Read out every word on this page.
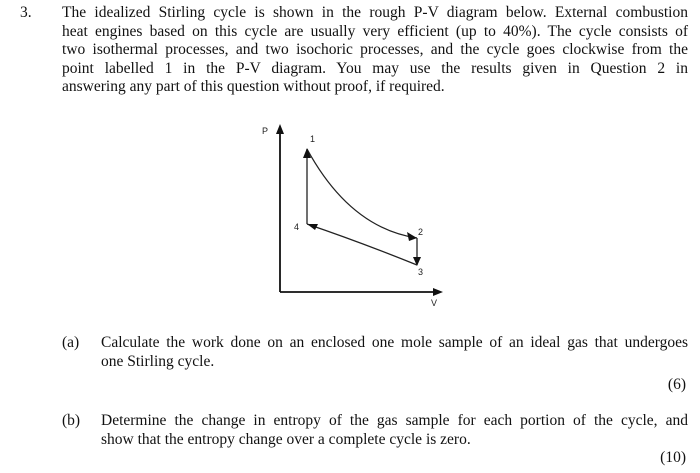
3. The idealized Stirling cycle is shown in the rough P-V diagram below. External combustion
heat engines based on this cycle are usually very efficient (up to 40%). The cycle consists of
two isothermal processes, and two isochoric processes, and the cycle goes clockwise from the
point labelled 1 in the P-V diagram. You may use the results given in Question 2 in
answering any part of this question without proof, if required.
P
V
1
2
3
4
(a) Calculate the work done on an enclosed one mole sample of an ideal gas that undergoes
one Stirling cycle.
(6)
(b) Determine the change in entropy of the gas sample for each portion of the cycle, and
show that the entropy change over a complete cycle is zero.
(10)
